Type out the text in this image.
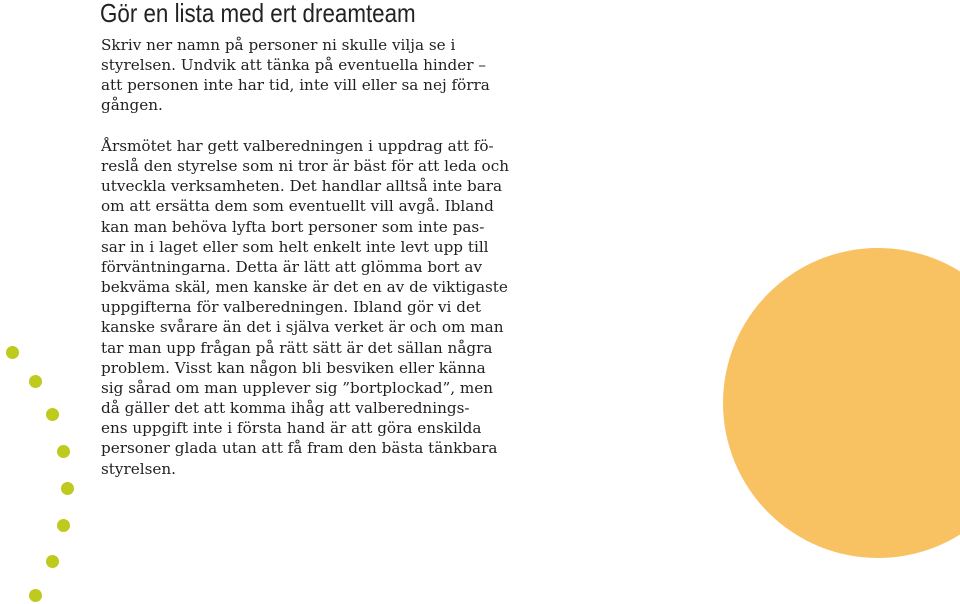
Gör en lista med ert dreamteam

Skriv ner namn på personer ni skulle vilja se i
styrelsen. Undvik att tänka på eventuella hinder –
att personen inte har tid, inte vill eller sa nej förra
gången.

Årsmötet har gett valberedningen i uppdrag att fö-
reslå den styrelse som ni tror är bäst för att leda och
utveckla verksamheten. Det handlar alltså inte bara
om att ersätta dem som eventuellt vill avgå. Ibland
kan man behöva lyfta bort personer som inte pas-
sar in i laget eller som helt enkelt inte levt upp till
förväntningarna. Detta är lätt att glömma bort av
bekväma skäl, men kanske är det en av de viktigaste
uppgifterna för valberedningen. Ibland gör vi det
kanske svårare än det i själva verket är och om man
tar man upp frågan på rätt sätt är det sällan några
problem. Visst kan någon bli besviken eller känna
sig sårad om man upplever sig ”bortplockad”, men
då gäller det att komma ihåg att valberednings-
ens uppgift inte i första hand är att göra enskilda
personer glada utan att få fram den bästa tänkbara
styrelsen.
